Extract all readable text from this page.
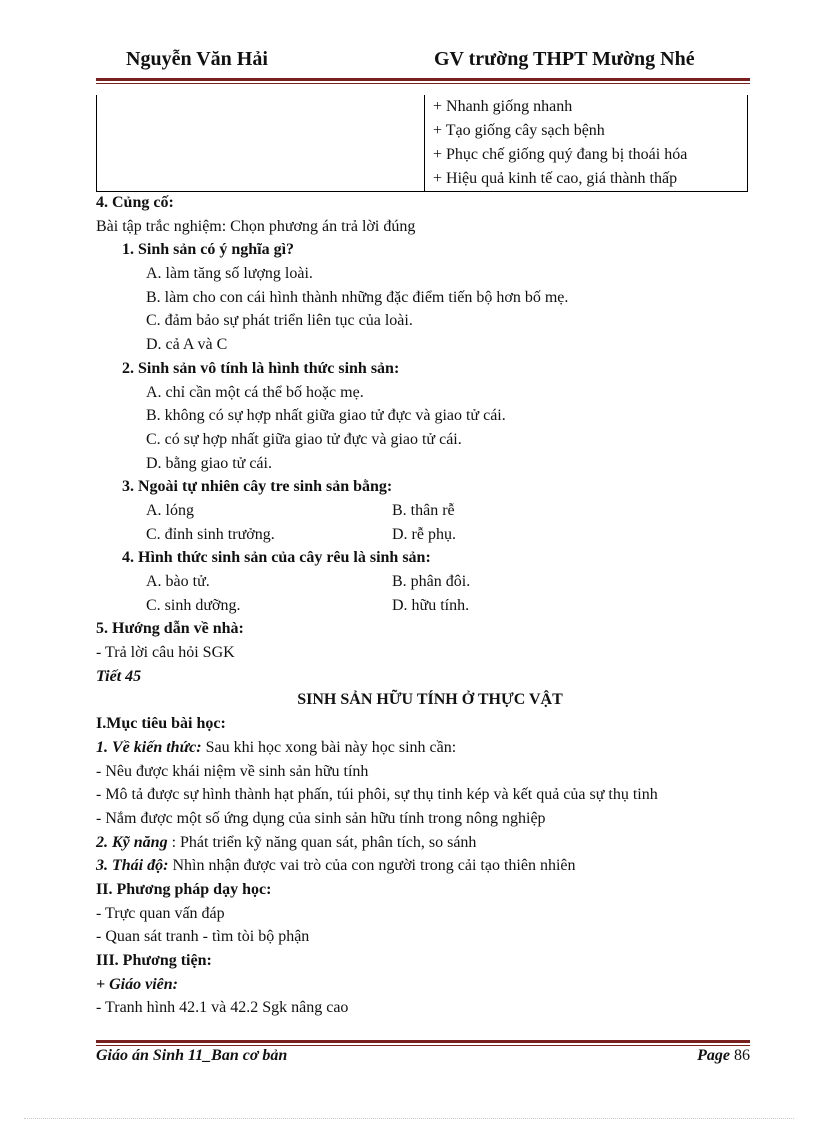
Nguyễn Văn Hải	GV trường THPT Mường Nhé

+ Nhanh giống nhanh
+ Tạo giống cây sạch bệnh
+ Phục chế giống quý đang bị thoái hóa
+ Hiệu quả kinh tế cao, giá thành thấp
4. Củng cố:
Bài tập trắc nghiệm: Chọn phương án trả lời đúng
1. Sinh sản có ý nghĩa gì?
A. làm tăng số lượng loài.
B. làm cho con cái hình thành những đặc điểm tiến bộ hơn bố mẹ.
C. đảm bảo sự phát triển liên tục của loài.
D. cả A và C
2. Sinh sản vô tính là hình thức sinh sản:
A. chỉ cần một cá thể bố hoặc mẹ.
B. không có sự hợp nhất giữa giao tử đực và giao tử cái.
C. có sự hợp nhất giữa giao tử đực và giao tử cái.
D. bằng giao tử cái.
3. Ngoài tự nhiên cây tre sinh sản bằng:
A. lóng	B. thân rễ
C. đỉnh sinh trưởng.	D. rễ phụ.
4. Hình thức sinh sản của cây rêu là sinh sản:
A. bào tử.	B. phân đôi.
C. sinh dưỡng.	D. hữu tính.
5. Hướng dẫn về nhà:
- Trả lời câu hỏi SGK
Tiết 45
SINH SẢN HỮU TÍNH Ở THỰC VẬT
I.Mục tiêu bài học:
1. Về kiến thức: Sau khi học xong bài này học sinh cần:
- Nêu được khái niệm về sinh sản hữu tính
- Mô tả được sự hình thành hạt phấn, túi phôi, sự thụ tinh kép và kết quả của sự thụ tinh
- Nắm được một số ứng dụng của sinh sản hữu tính trong nông nghiệp
2. Kỹ năng : Phát triển kỹ năng quan sát, phân tích, so sánh
3. Thái độ: Nhìn nhận được vai trò của con người trong cải tạo thiên nhiên
II. Phương pháp dạy học:
- Trực quan vấn đáp
- Quan sát tranh - tìm tòi bộ phận
III. Phương tiện:
+ Giáo viên:
- Tranh hình 42.1 và 42.2 Sgk nâng cao
Giáo án Sinh 11_Ban cơ bản	Page 86
